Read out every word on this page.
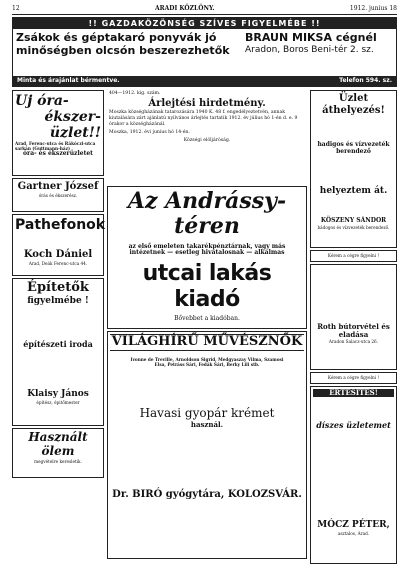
12	ARADI KÖZLÖNY.	1912. junius 18
!! GAZDAKÖZÖNSÉG SZÍVES FIGYELMÉBE !!
Zsákok és géptakaró ponyvák jó
minőségben olcsón beszerezhetők
BRAUN MIKSA cégnél
Aradon, Boros Beni-tér 2. sz.
Minta és árajánlat bérmentve.	Telefon 594. sz.
Uj óra-
ékszer-
üzlet!!
Arad, Ferenc-utca és Rákóczi-utca sarkán (Guttmann-ház)
óra- és ékszerüzletet
Gartner József
órás és ékszerész.
Pathefonok
Koch Dániel
Arad, Deák Ferenc-utca 44.
Építetők
figyelmébe !
építészeti iroda
Klaisy János
építész, épitőmester
Használt ölem
megvételre keresletik.
404—1912. kig. szám.
Árlejtési hirdetmény.
Moszka községházának tatarozására 1940 K. 48 f. engedélyeztetvén, annak kiutalására zárt ajánlatú nyilvános árlejtés tartatik 1912. év július hó 1-én d. e. 9 órakor a községházánál.
Moszka, 1912. évi junius hó 14-én.
Községi elöljáróság.
Az Andrássy-téren
az első emeleten takarékpénztárnak, vagy más intézetnek — esetleg hivatalosnak — alkalmas
utcai lakás kiadó
Bővebbet a kiadóban.
VILÁGHÍRŰ MŰVÉSZNŐK
Ivonne de Treville, Arnoldson Sigrid, Medgyaszay Vilma, Szamosi Elsa, Petráss Sári, Fedák Sári, Berky Lili stb.
Havasi gyopár krémet
használ.
Dr. BIRÓ gyógytára, KOLOZSVÁR.
Üzlet áthelyezés!
hadigos és vízvezeték berendező
helyeztem át.
KÖSZENY SÁNDOR
bádogos és vízvezeték berendező.
Kérem a cégre figyelni !
Roth bútorvétel és eladása
Aradon Salacz-utca 26.
Kérem a cégre figyelni !
ÉRTESÍTÉS!
díszes üzletemet
MÓCZ PÉTER,
asztalos, Arad.
